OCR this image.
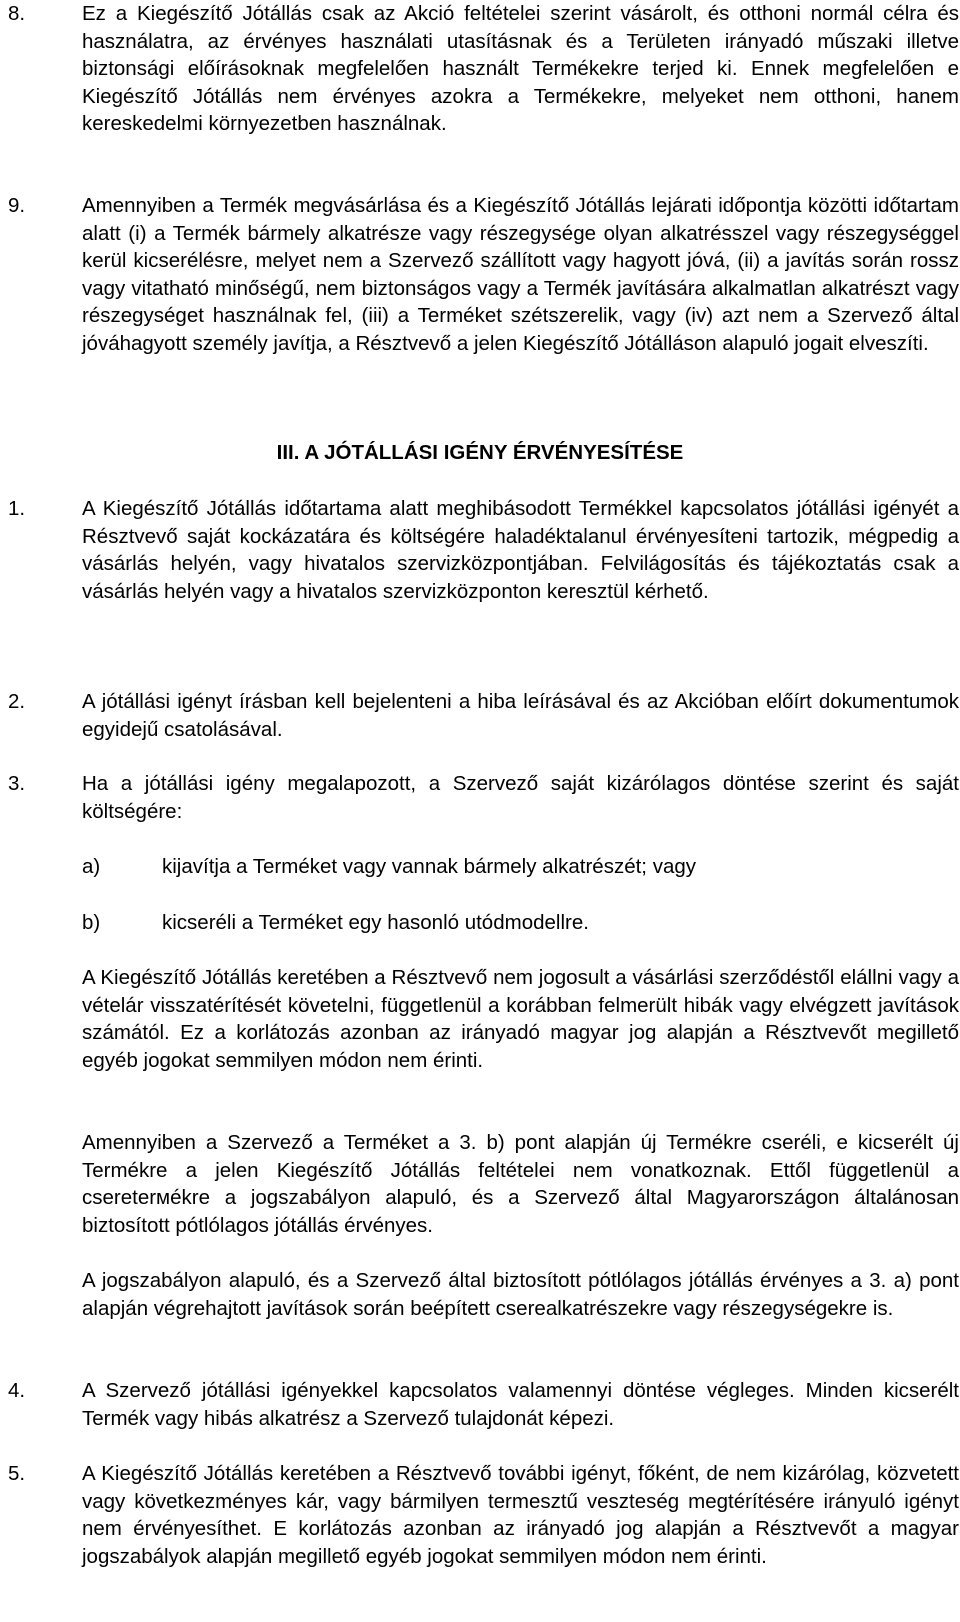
8.	Ez a Kiegészítő Jótállás csak az Akció feltételei szerint vásárolt, és otthoni normál célra és használatra, az érvényes használati utasításnak és a Területen irányadó műszaki illetve biztonsági előírásoknak megfelelően használt Termékekre terjed ki. Ennek megfelelően e Kiegészítő Jótállás nem érvényes azokra a Termékekre, melyeket nem otthoni, hanem kereskedelmi környezetben használnak.
9.	Amennyiben a Termék megvásárlása és a Kiegészítő Jótállás lejárati időpontja közötti időtartam alatt (i) a Termék bármely alkatrésze vagy részegysége olyan alkatrésszel vagy részegységgel kerül kicserélésre, melyet nem a Szervező szállított vagy hagyott jóvá, (ii) a javítás során rossz vagy vitatható minőségű, nem biztonságos vagy a Termék javítására alkalmatlan alkatrészt vagy részegységet használnak fel, (iii) a Terméket szétszerelik, vagy (iv) azt nem a Szervező által jóváhagyott személy javítja, a Résztvevő a jelen Kiegészítő Jótálláson alapuló jogait elveszíti.
III. A JÓTÁLLÁSI IGÉNY ÉRVÉNYESÍTÉSE
1.	A Kiegészítő Jótállás időtartama alatt meghibásodott Termékkel kapcsolatos jótállási igényét a Résztvevő saját kockázatára és költségére haladéktalanul érvényesíteni tartozik, mégpedig a vásárlás helyén, vagy hivatalos szervizközpontjában. Felvilágosítás és tájékoztatás csak a vásárlás helyén vagy a hivatalos szervizközponton keresztül kérhető.
2.	A jótállási igényt írásban kell bejelenteni a hiba leírásával és az Akcióban előírt dokumentumok egyidejű csatolásával.
3.	Ha a jótállási igény megalapozott, a Szervező saját kizárólagos döntése szerint és saját költségére:
a)	kijavítja a Terméket vagy vannak bármely alkatrészét; vagy
b)	kicseréli a Terméket egy hasonló utódmodellre.
A Kiegészítő Jótállás keretében a Résztvevő nem jogosult a vásárlási szerződéstől elállni vagy a vételár visszatérítését követelni, függetlenül a korábban felmerült hibák vagy elvégzett javítások számától. Ez a korlátozás azonban az irányadó magyar jog alapján a Résztvevőt megillető egyéb jogokat semmilyen módon nem érinti.
Amennyiben a Szervező a Terméket a 3. b) pont alapján új Termékre cseréli, e kicserélt új Termékre a jelen Kiegészítő Jótállás feltételei nem vonatkoznak. Ettől függetlenül a csereterмékre a jogszabályon alapuló, és a Szervező által Magyarországon általánosan biztosított pótlólagos jótállás érvényes.
A jogszabályon alapuló, és a Szervező által biztosított pótlólagos jótállás érvényes a 3. a) pont alapján végrehajtott javítások során beépített cserealkatrészekre vagy részegységekre is.
4.	A Szervező jótállási igényekkel kapcsolatos valamennyi döntése végleges. Minden kicserélt Termék vagy hibás alkatrész a Szervező tulajdonát képezi.
5.	A Kiegészítő Jótállás keretében a Résztvevő további igényt, főként, de nem kizárólag, közvetett vagy következményes kár, vagy bármilyen termesztű veszteség megtérítésére irányuló igényt nem érvényesíthet. E korlátozás azonban az irányadó jog alapján a Résztvevőt a magyar jogszabályok alapján megillető egyéb jogokat semmilyen módon nem érinti.
